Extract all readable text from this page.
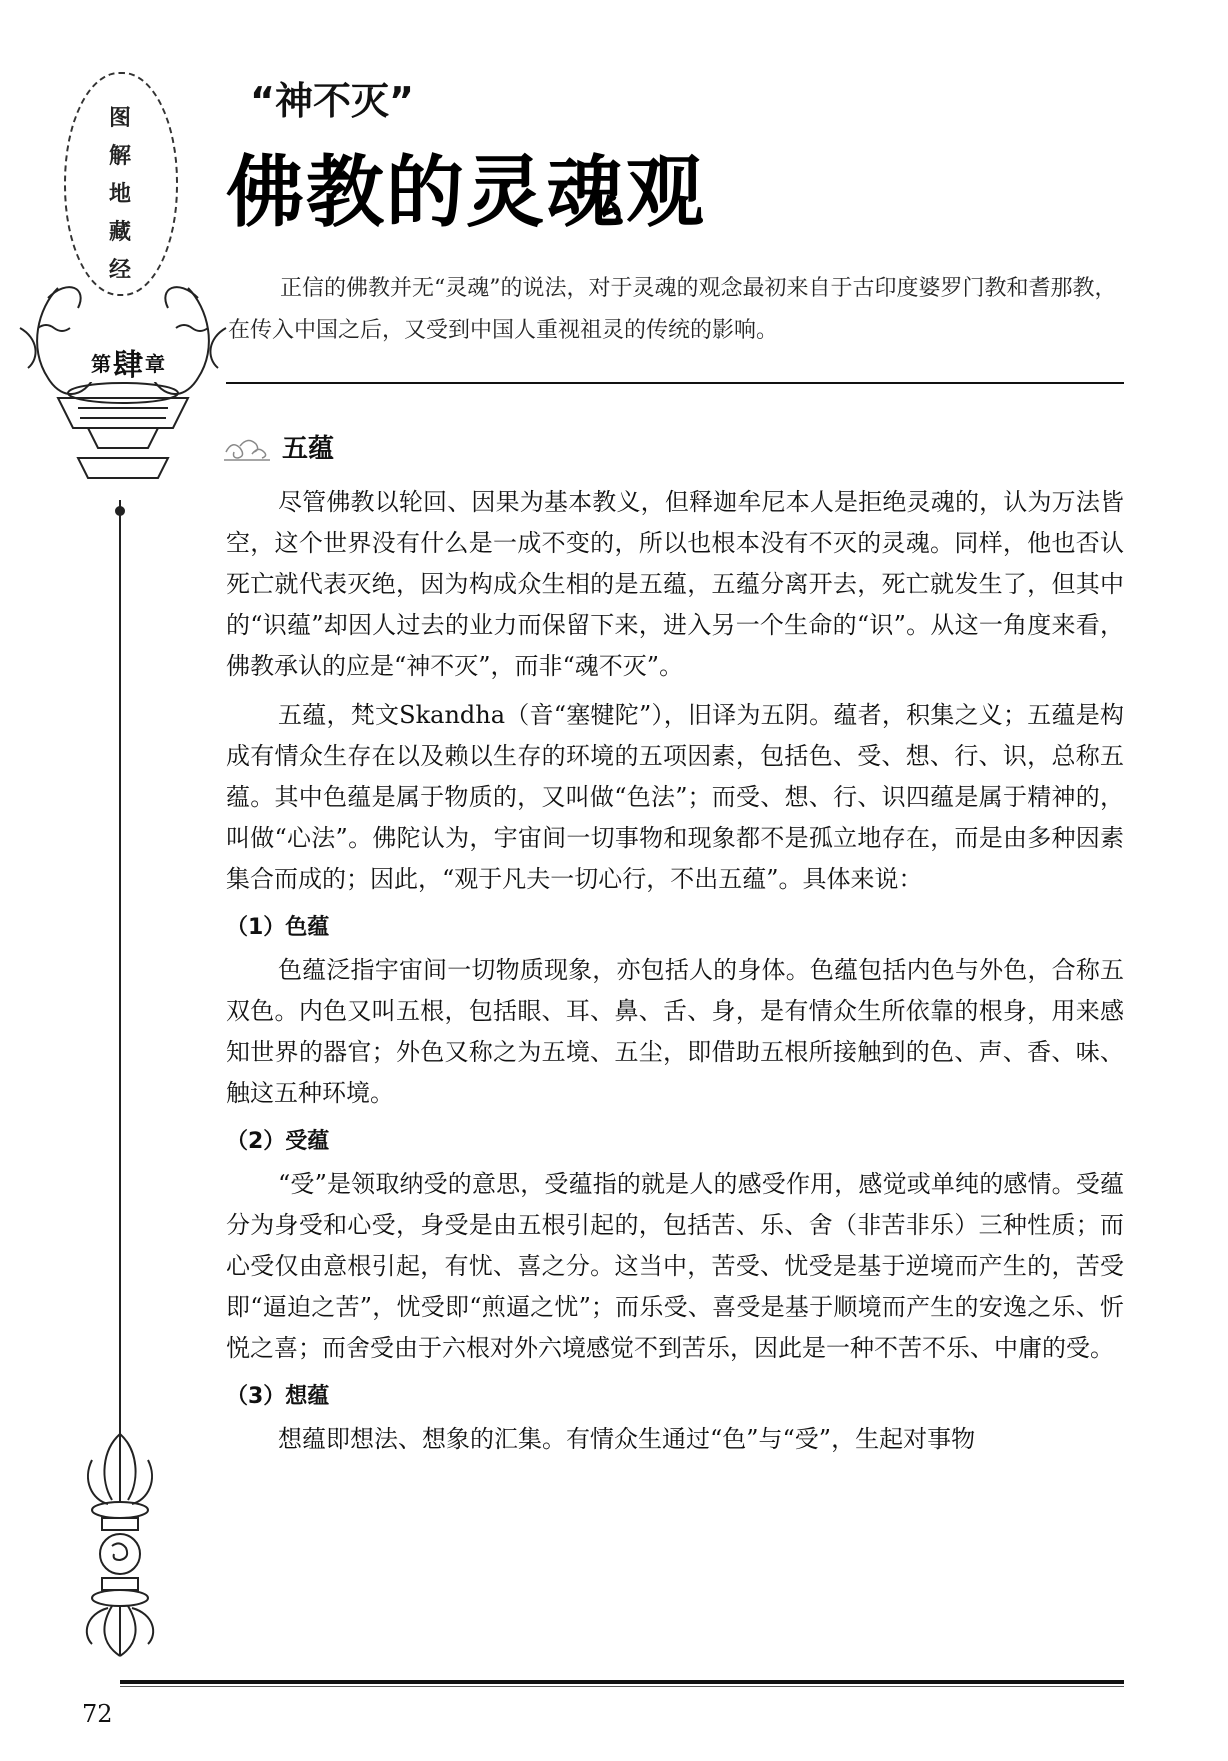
图
解
地
藏
经
第 肆 章
“神不灭”
佛教的灵魂观

正信的佛教并无“灵魂”的说法，对于灵魂的观念最初来自于古印度婆罗门教和耆那教，在传入中国之后，又受到中国人重视祖灵的传统的影响。

五蕴

尽管佛教以轮回、因果为基本教义，但释迦牟尼本人是拒绝灵魂的，认为万法皆空，这个世界没有什么是一成不变的，所以也根本没有不灭的灵魂。同样，他也否认死亡就代表灭绝，因为构成众生相的是五蕴，五蕴分离开去，死亡就发生了，但其中的“识蕴”却因人过去的业力而保留下来，进入另一个生命的“识”。从这一角度来看，佛教承认的应是“神不灭”，而非“魂不灭”。

五蕴，梵文Skandha（音“塞犍陀”），旧译为五阴。蕴者，积集之义；五蕴是构成有情众生存在以及赖以生存的环境的五项因素，包括色、受、想、行、识，总称五蕴。其中色蕴是属于物质的，又叫做“色法”；而受、想、行、识四蕴是属于精神的，叫做“心法”。佛陀认为，宇宙间一切事物和现象都不是孤立地存在，而是由多种因素集合而成的；因此，“观于凡夫一切心行，不出五蕴”。具体来说：

（1）色蕴

色蕴泛指宇宙间一切物质现象，亦包括人的身体。色蕴包括内色与外色，合称五双色。内色又叫五根，包括眼、耳、鼻、舌、身，是有情众生所依靠的根身，用来感知世界的器官；外色又称之为五境、五尘，即借助五根所接触到的色、声、香、味、触这五种环境。

（2）受蕴

“受”是领取纳受的意思，受蕴指的就是人的感受作用，感觉或单纯的感情。受蕴分为身受和心受，身受是由五根引起的，包括苦、乐、舍（非苦非乐）三种性质；而心受仅由意根引起，有忧、喜之分。这当中，苦受、忧受是基于逆境而产生的，苦受即“逼迫之苦”，忧受即“煎逼之忧”；而乐受、喜受是基于顺境而产生的安逸之乐、忻悦之喜；而舍受由于六根对外六境感觉不到苦乐，因此是一种不苦不乐、中庸的受。

（3）想蕴

想蕴即想法、想象的汇集。有情众生通过“色”与“受”，生起对事物

72
